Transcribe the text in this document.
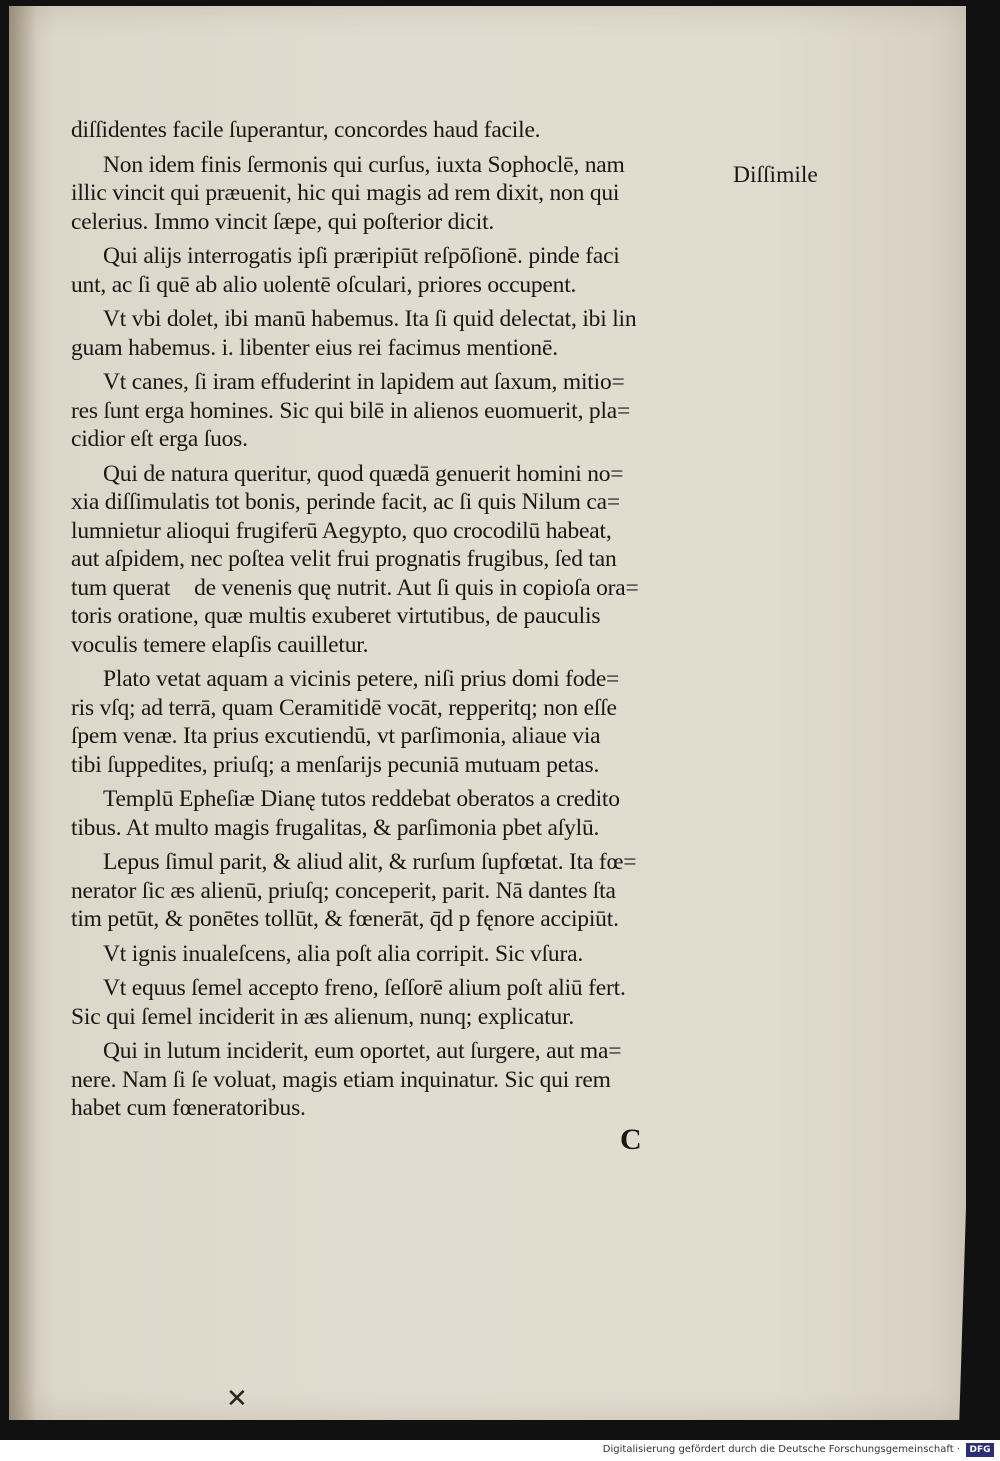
diſſidentes facile ſuperantur, concordes haud facile.
Non idem finis ſermonis qui curſus, iuxta Sophoclē, nam
illic vincit qui præuenit, hic qui magis ad rem dixit, non qui
celerius. Immo vincit ſæpe, qui poſterior dicit.
Qui alijs interrogatis ipſi præripiūt reſpōſionē. pinde faci
unt, ac ſi quē ab alio uolentē oſculari, priores occupent.
Vt vbi dolet, ibi manū habemus. Ita ſi quid delectat, ibi lin
guam habemus. i. libenter eius rei facimus mentionē.
Vt canes, ſi iram effuderint in lapidem aut ſaxum, mitio=
res ſunt erga homines. Sic qui bilē in alienos euomuerit, pla=
cidior eſt erga ſuos.
Qui de natura queritur, quod quædā genuerit homini no=
xia diſſimulatis tot bonis, perinde facit, ac ſi quis Nilum ca=
lumnietur alioqui frugiferū Aegypto, quo crocodilū habeat,
aut aſpidem, nec poſtea velit frui prognatis frugibus, ſed tan
tum queratᷓ de venenis quę nutrit. Aut ſi quis in copioſa ora=
toris oratione, quæ multis exuberet virtutibus, de pauculis
voculis temere elapſis cauilletur.
Plato vetat aquam a vicinis petere, niſi prius domi fode=
ris vſq; ad terrā, quam Ceramitidē vocāt, repperitq; non eſſe
ſpem venæ. Ita prius excutiendū, vt parſimonia, aliaue via
tibi ſuppedites, priuſq; a menſarijs pecuniā mutuam petas.
Templū Epheſiæ Dianę tutos reddebat oberatos a credito
tibus. At multo magis frugalitas, & parſimonia pbet aſylū.
Lepus ſimul parit, & aliud alit, & rurſum ſupfœtat. Ita fœ=
nerator ſic æs alienū, priuſq; conceperit, parit. Nā dantes ſta
tim petūt, & ponētes tollūt, & fœnerāt, q̄d p fęnore accipiūt.
Vt ignis inualeſcens, alia poſt alia corripit. Sic vſura.
Vt equus ſemel accepto freno, ſeſſorē alium poſt aliū fert.
Sic qui ſemel inciderit in æs alienum, nunq; explicatur.
Qui in lutum inciderit, eum oportet, aut ſurgere, aut ma=
nere. Nam ſi ſe voluat, magis etiam inquinatur. Sic qui rem
habet cum fœneratoribus.
Diſſimile
C
✕
Digitalisierung gefördert durch die Deutsche Forschungsgemeinschaft ·	DFG
